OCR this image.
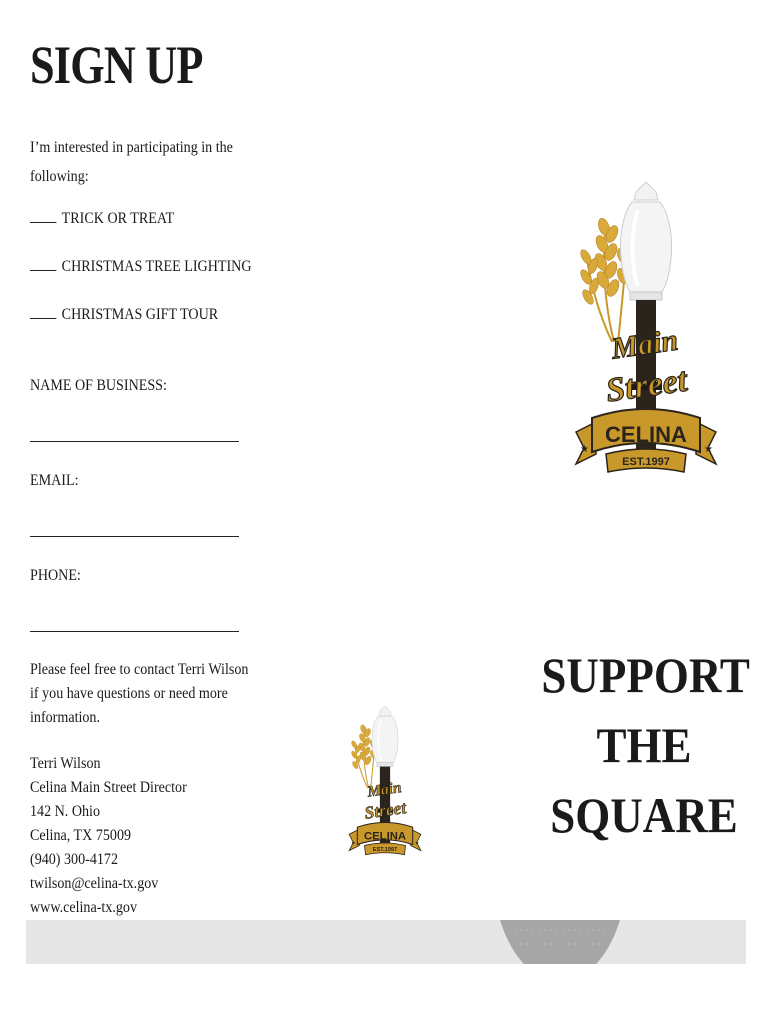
SIGN UP
I’m interested in participating in the
following:
TRICK OR TREAT
CHRISTMAS TREE LIGHTING
CHRISTMAS GIFT TOUR
NAME OF BUSINESS:
EMAIL:
PHONE:
Please feel free to contact Terri Wilson
if you have questions or need more
information.
Terri Wilson
Celina Main Street Director
142 N. Ohio
Celina, TX 75009
(940) 300-4172
twilson@celina-tx.gov
www.celina-tx.gov
Main
Street
CELINA
EST.1997
Main
Street
CELINA
EST.1997
SUPPORT
THE
SQUARE
